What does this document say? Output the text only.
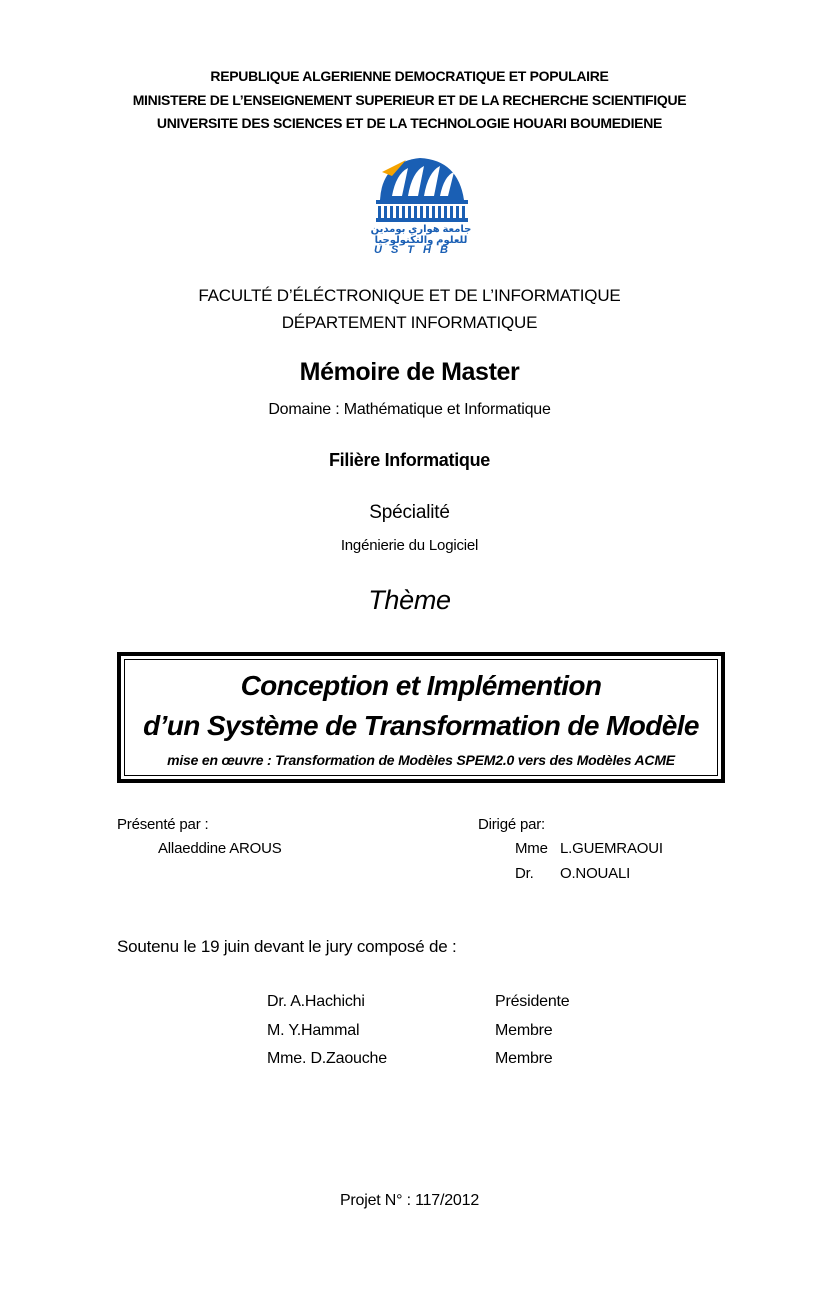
REPUBLIQUE ALGERIENNE DEMOCRATIQUE ET POPULAIRE
MINISTERE DE L’ENSEIGNEMENT SUPERIEUR ET DE LA RECHERCHE SCIENTIFIQUE
UNIVERSITE DES SCIENCES ET DE LA TECHNOLOGIE HOUARI BOUMEDIENE
جامعة هواري بومدين للعلوم والتكنولوجيا
USTHB
FACULTÉ D’ÉLÉCTRONIQUE ET DE L’INFORMATIQUE
DÉPARTEMENT INFORMATIQUE
Mémoire de Master
Domaine : Mathématique et Informatique
Filière Informatique
Spécialité
Ingénierie du Logiciel
Thème
Conception et Implémention
d’un Système de Transformation de Modèle
mise en œuvre : Transformation de Modèles SPEM2.0 vers des Modèles ACME
Présenté par :
Allaeddine AROUS
Dirigé par:
Mme L.GUEMRAOUI
Dr. O.NOUALI
Soutenu le 19 juin devant le jury composé de :
Dr. A.Hachichi	Présidente
M. Y.Hammal	Membre
Mme. D.Zaouche	Membre
Projet N° : 117/2012
